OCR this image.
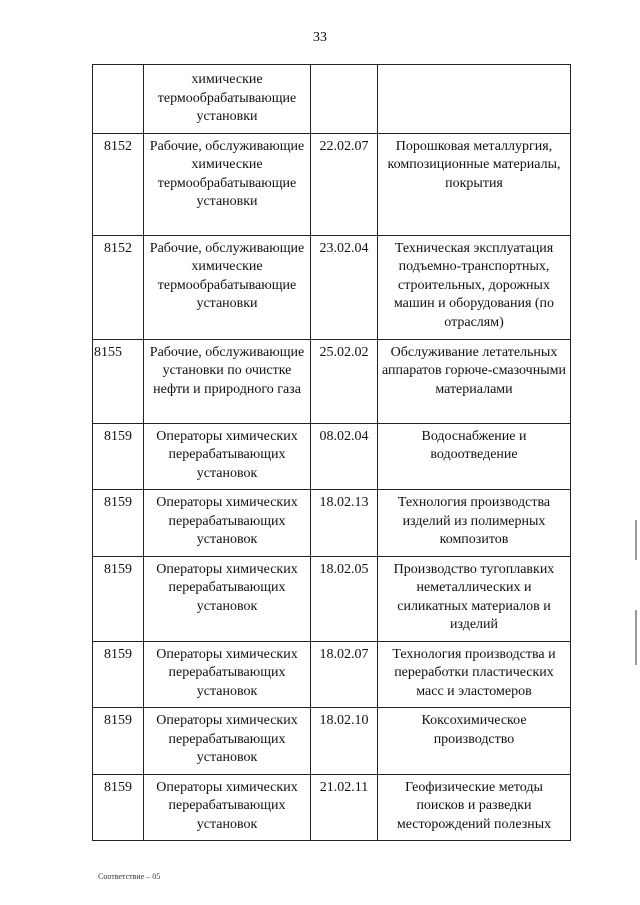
33
	химические термообрабатывающие установки		
8152	Рабочие, обслуживающие химические термообрабатывающие установки	22.02.07	Порошковая металлургия, композиционные материалы, покрытия
8152	Рабочие, обслуживающие химические термообрабатывающие установки	23.02.04	Техническая эксплуатация подъемно-транспортных, строительных, дорожных машин и оборудования (по отраслям)
8155	Рабочие, обслуживающие установки по очистке нефти и природного газа	25.02.02	Обслуживание летательных аппаратов горюче-смазочными материалами
8159	Операторы химических перерабатывающих установок	08.02.04	Водоснабжение и водоотведение
8159	Операторы химических перерабатывающих установок	18.02.13	Технология производства изделий из полимерных композитов
8159	Операторы химических перерабатывающих установок	18.02.05	Производство тугоплавких неметаллических и силикатных материалов и изделий
8159	Операторы химических перерабатывающих установок	18.02.07	Технология производства и переработки пластических масс и эластомеров
8159	Операторы химических перерабатывающих установок	18.02.10	Коксохимическое производство
8159	Операторы химических перерабатывающих установок	21.02.11	Геофизические методы поисков и разведки месторождений полезных
Соответствие – 05
